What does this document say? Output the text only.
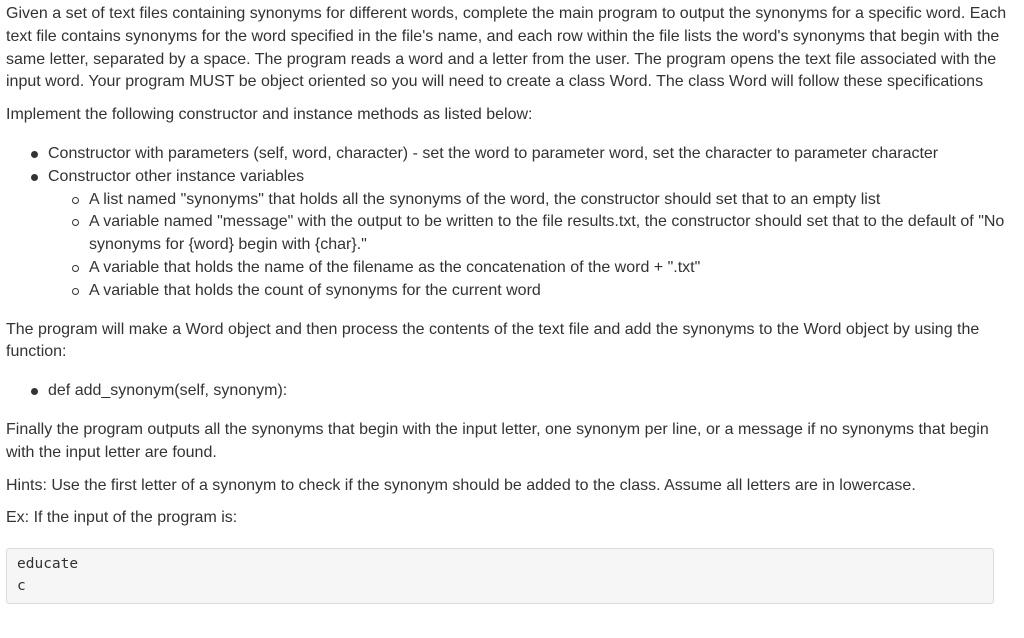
Given a set of text files containing synonyms for different words, complete the main program to output the synonyms for a specific word. Each text file contains synonyms for the word specified in the file's name, and each row within the file lists the word's synonyms that begin with the same letter, separated by a space. The program reads a word and a letter from the user. The program opens the text file associated with the input word. Your program MUST be object oriented so you will need to create a class Word. The class Word will follow these specifications

Implement the following constructor and instance methods as listed below:

Constructor with parameters (self, word, character) - set the word to parameter word, set the character to parameter character
Constructor other instance variables
A list named "synonyms" that holds all the synonyms of the word, the constructor should set that to an empty list
A variable named "message" with the output to be written to the file results.txt, the constructor should set that to the default of "No synonyms for {word} begin with {char}."
A variable that holds the name of the filename as the concatenation of the word + ".txt"
A variable that holds the count of synonyms for the current word

The program will make a Word object and then process the contents of the text file and add the synonyms to the Word object by using the function:

def add_synonym(self, synonym):

Finally the program outputs all the synonyms that begin with the input letter, one synonym per line, or a message if no synonyms that begin with the input letter are found.

Hints: Use the first letter of a synonym to check if the synonym should be added to the class. Assume all letters are in lowercase.

Ex: If the input of the program is:

educate
c
